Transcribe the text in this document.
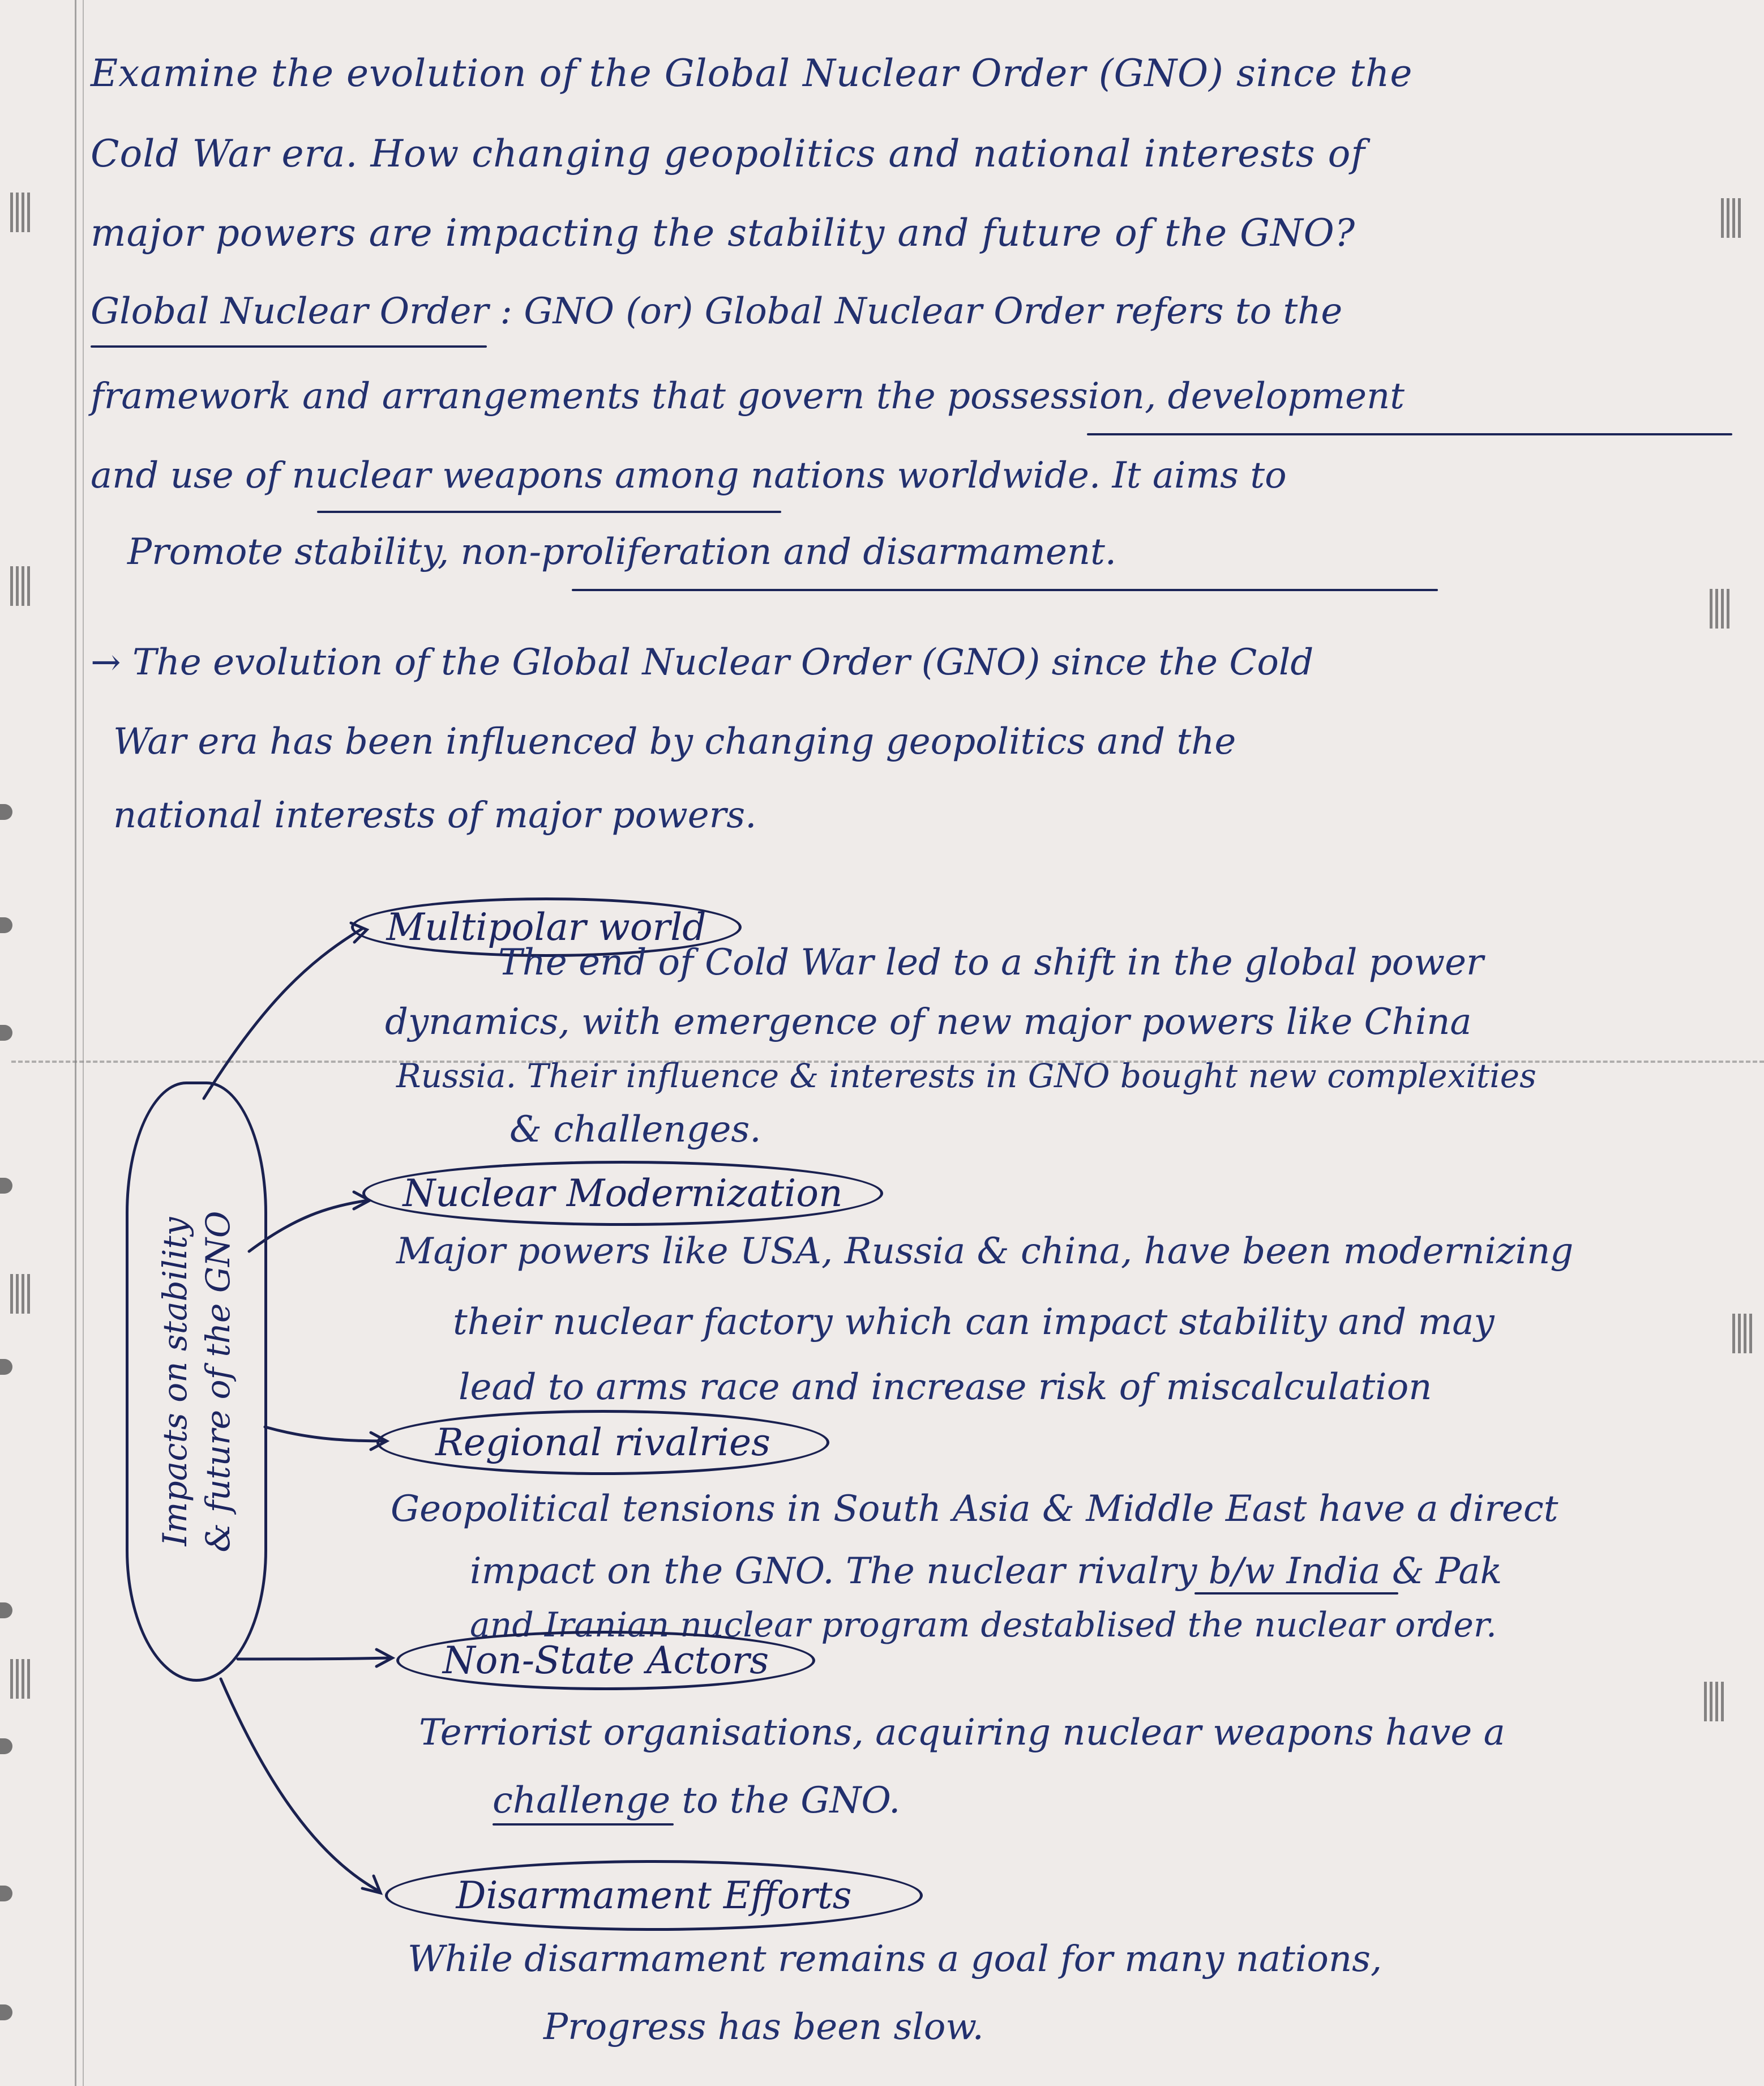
Examine the evolution of the Global Nuclear Order (GNO) since the

Cold War era. How changing geopolitics and national interests of

major powers are impacting the stability and future of the GNO?

Global Nuclear Order : GNO (or) Global Nuclear Order refers to the

framework and arrangements that govern the possession, development

and use of nuclear weapons among nations worldwide. It aims to

Promote stability, non-proliferation and disarmament.

→ The evolution of the Global Nuclear Order (GNO) since the Cold

War era has been influenced by changing geopolitics and the

national interests of major powers.

Impacts on stability & future of the GNO
Multipolar world

The end of Cold War led to a shift in the global power

dynamics, with emergence of new major powers like China

Russia. Their influence & interests in GNO bought new complexities

& challenges.

Nuclear Modernization

Major powers like USA, Russia & china, have been modernizing

their nuclear factory which can impact stability and may

lead to arms race and increase risk of miscalculation

Regional rivalries

Geopolitical tensions in South Asia & Middle East have a direct

impact on the GNO. The nuclear rivalry b/w India & Pak

and Iranian nuclear program destablised the nuclear order.

Non-State Actors

Terriorist organisations, acquiring nuclear weapons have a

challenge to the GNO.

Disarmament Efforts

While disarmament remains a goal for many nations,

Progress has been slow.
